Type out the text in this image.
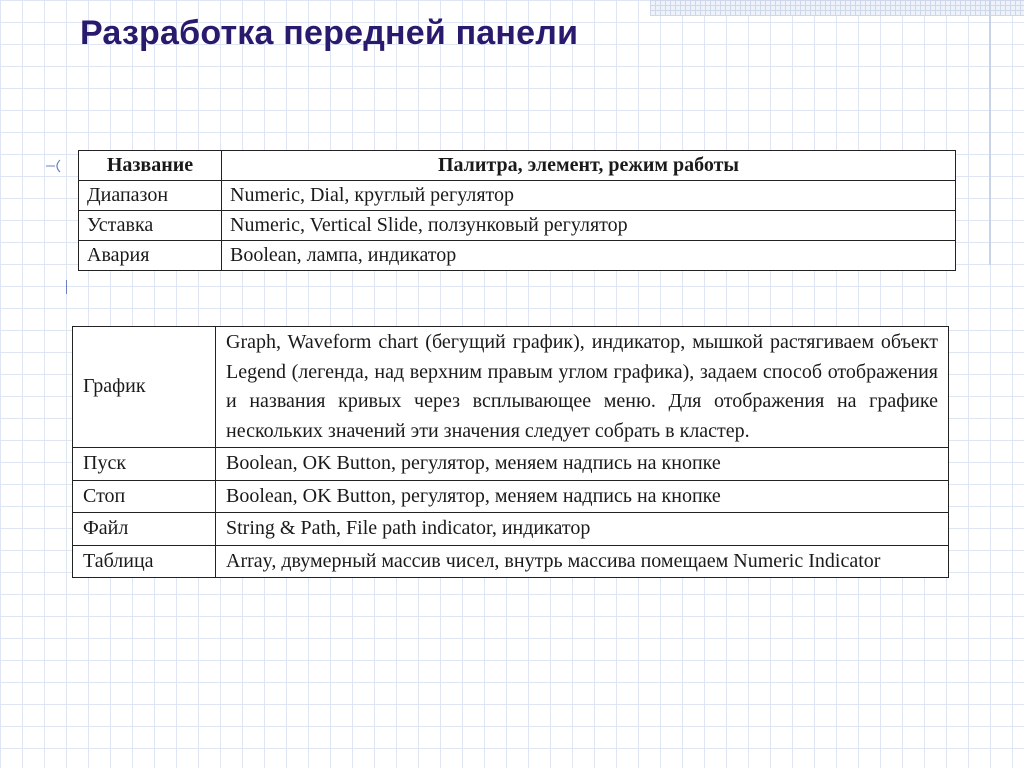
Разработка передней панели
Название	Палитра, элемент, режим работы
Диапазон	Numeric, Dial, круглый регулятор
Уставка	Numeric, Vertical Slide, ползунковый регулятор
Авария	Boolean, лампа, индикатор
График	Graph, Waveform chart (бегущий график), индикатор, мышкой растягиваем объект Legend (легенда, над верхним правым углом графика), задаем способ отображения и названия кривых через всплывающее меню. Для отображения на графике нескольких значений эти значения следует собрать в кластер.
Пуск	Boolean, OK Button, регулятор, меняем надпись на кнопке
Стоп	Boolean, OK Button, регулятор, меняем надпись на кнопке
Файл	String & Path, File path indicator, индикатор
Таблица	Array, двумерный массив чисел, внутрь массива помещаем Numeric Indicator
